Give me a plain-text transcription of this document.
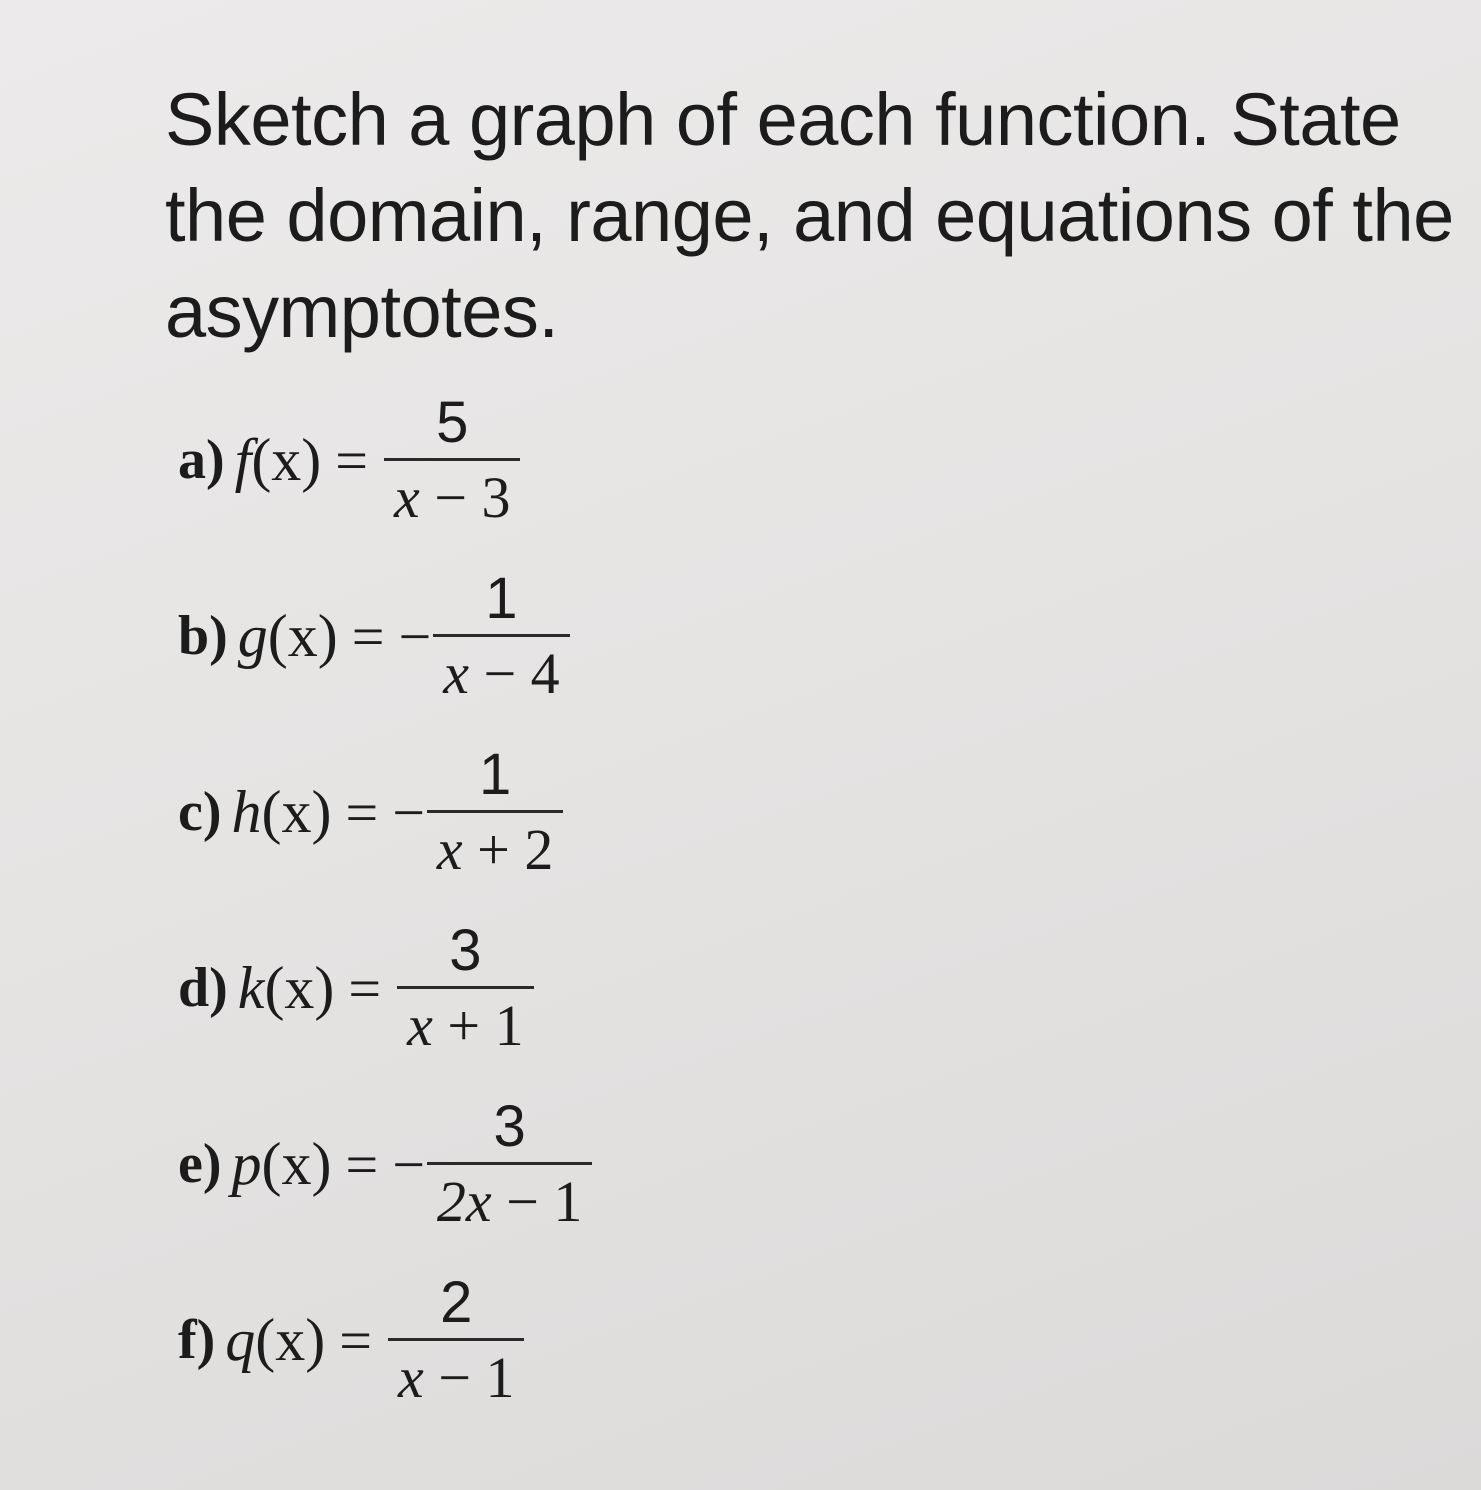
Sketch a graph of each function. State
the domain, range, and equations of the
asymptotes.
a) $f(x) = \frac{5}{x - 3}$
b) g(x) = − $\frac{1}{x - 4}$
c) h(x) = − $\frac{1}{x + 2}$
d) $k(x) = \frac{3}{x + 1}$
e) p(x) = − $\frac{3}{2x - 1}$
f) $q(x) = \frac{2}{x - 1}$
